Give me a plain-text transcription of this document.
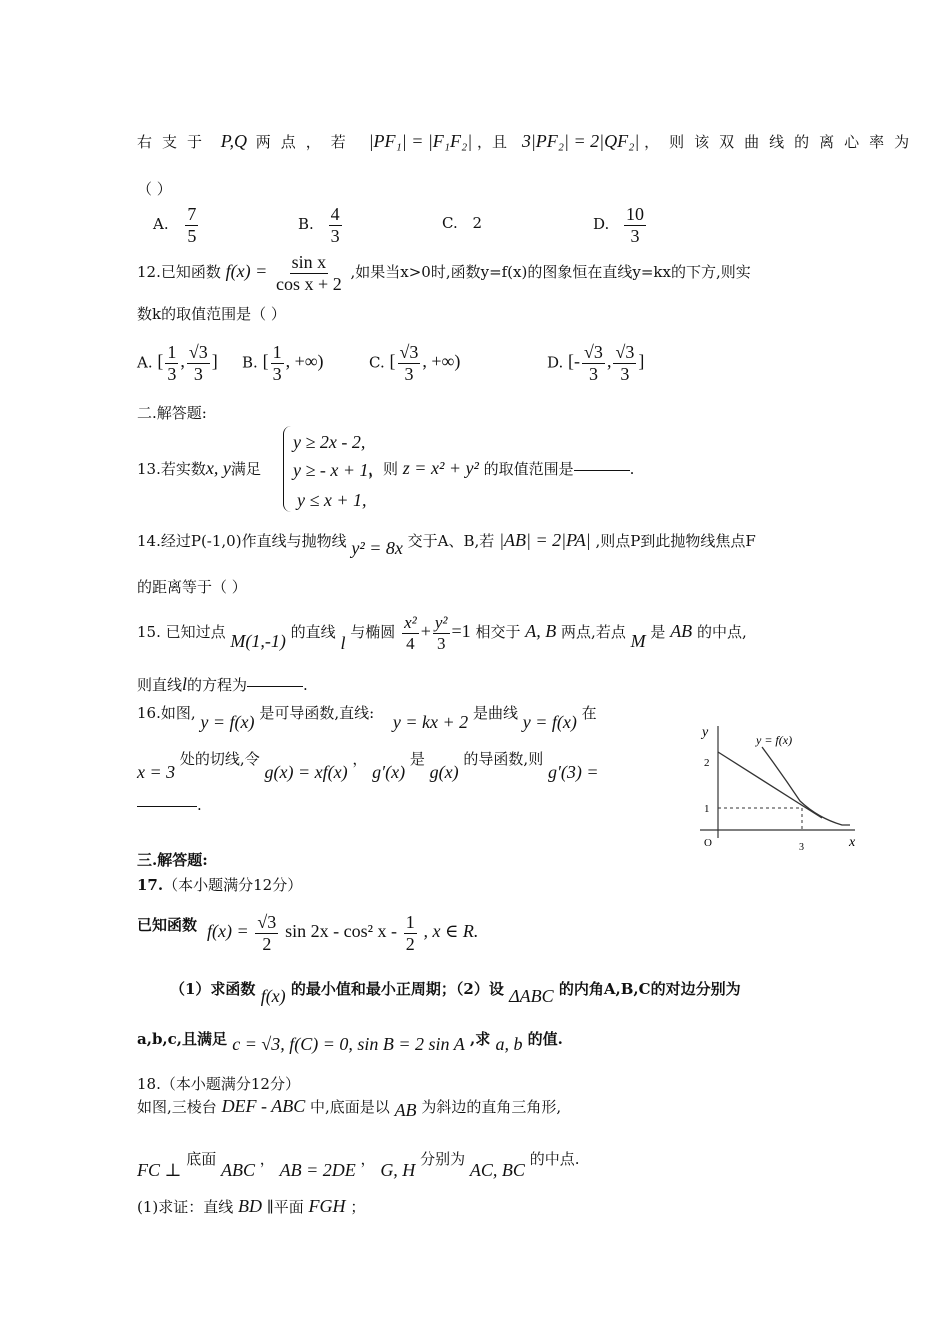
右支于 P,Q 两点，若 |PF₁| = |F₁F₂| ，且 3|PF₂| = 2|QF₂| ，则该双曲线的离心率为
（ ）
A. $\frac{7}{5}$	B. $\frac{4}{3}$	C. 2	D. $\frac{10}{3}$
12.已知函数 $f(x) = \frac{\text{sin x}}{\text{cos x + 2}}$ ,如果当x>0时,函数y=f(x)的图象恒在直线y=kx的下方,则实
数k的取值范围是（ ）
A. [ $\frac{1}{3}$ , $\frac{√3}{3}$ ] B. [ $\frac{1}{3}$ , +∞)	C. [ $\frac{√3}{3}$ , +∞)	D. [- $\frac{√3}{3}$ , $\frac{√3}{3}$ ]
二.解答题:
13.若实数x, y满足
y ≥ 2x - 2,
y ≥ - x + 1,
y ≤ x + 1,
，则 z = x² + y² 的取值范围是	.
14.经过P(-1,0)作直线与抛物线 y² = 8x 交于A、B,若 |AB| = 2|PA| ,则点P到此抛物线焦点F
的距离等于（ ）
15. 已知过点 M(1,-1) 的直线 l 与椭圆 $\frac{\text{x²}}{4} + \frac{\text{y²}}{3} =1$ 相交于 A, B 两点,若点 M 是 AB 的中点,
则直线l的方程为	.
16.如图, y = f(x) 是可导函数,直线: y = kx + 2 是曲线 y = f(x) 在
x = 3 处的切线,令 g(x) = xf(x) ， g′(x) 是 g(x) 的导函数,则 g′(3) =
.
y = f(x)
y
x
O
2
1
3
三.解答题:
17.（本小题满分12分）
已知函数 $f(x) = \frac{√3}{2}$ sin 2x - cos² x - $\frac{1}{2}$ , x ∈ R.
（1）求函数 f(x) 的最小值和最小正周期；（2）设 ΔABC 的内角A,B,C的对边分别为
a,b,c,且满足 c = √3, f(C) = 0, sin B = 2 sin A ,求 a, b 的值.
18.（本小题满分12分）
如图,三棱台 DEF - ABC 中,底面是以 AB 为斜边的直角三角形,
FC ⊥ 底面 ABC ， AB = 2DE ， G, H 分别为 AC, BC 的中点.
(1)求证：直线 BD ∥平面 FGH ；
